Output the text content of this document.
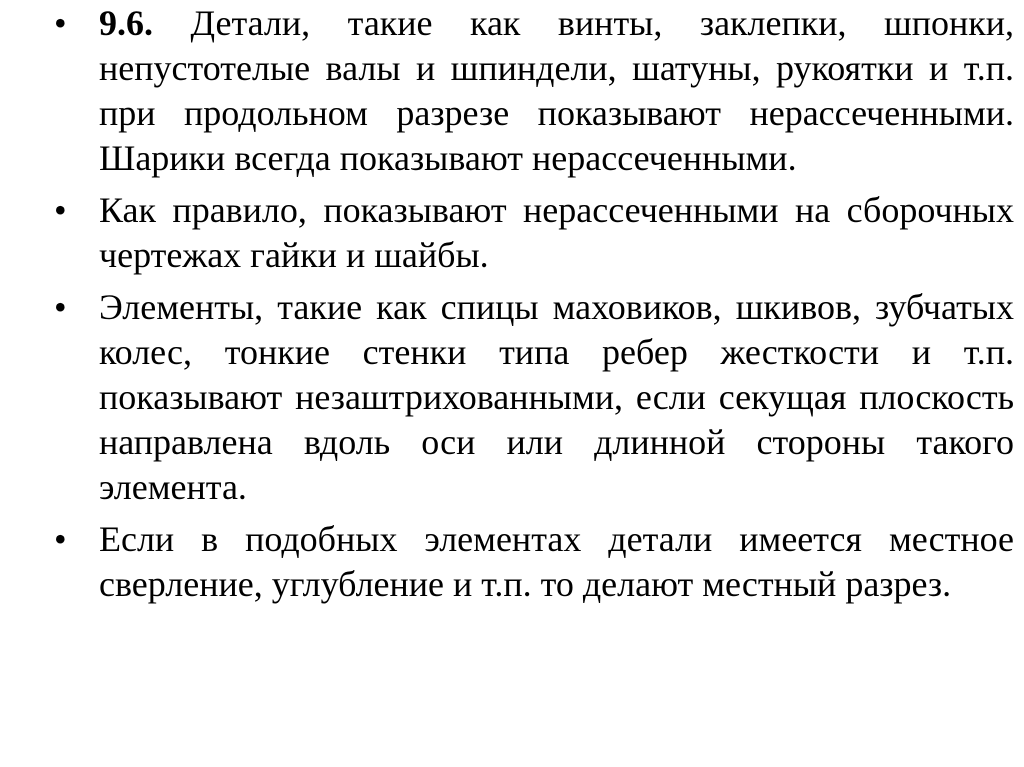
• 9.6. Детали, такие как винты, заклепки, шпонки, непустотелые валы и шпиндели, шатуны, рукоятки и т.п. при продольном разрезе показывают нерассеченными. Шарики всегда показывают нерассеченными.
• Как правило, показывают нерассеченными на сборочных чертежах гайки и шайбы.
• Элементы, такие как спицы маховиков, шкивов, зубчатых колес, тонкие стенки типа ребер жесткости и т.п. показывают незаштрихованными, если секущая плоскость направлена вдоль оси или длинной стороны такого элемента.
• Если в подобных элементах детали имеется местное сверление, углубление и т.п. то делают местный разрез.
